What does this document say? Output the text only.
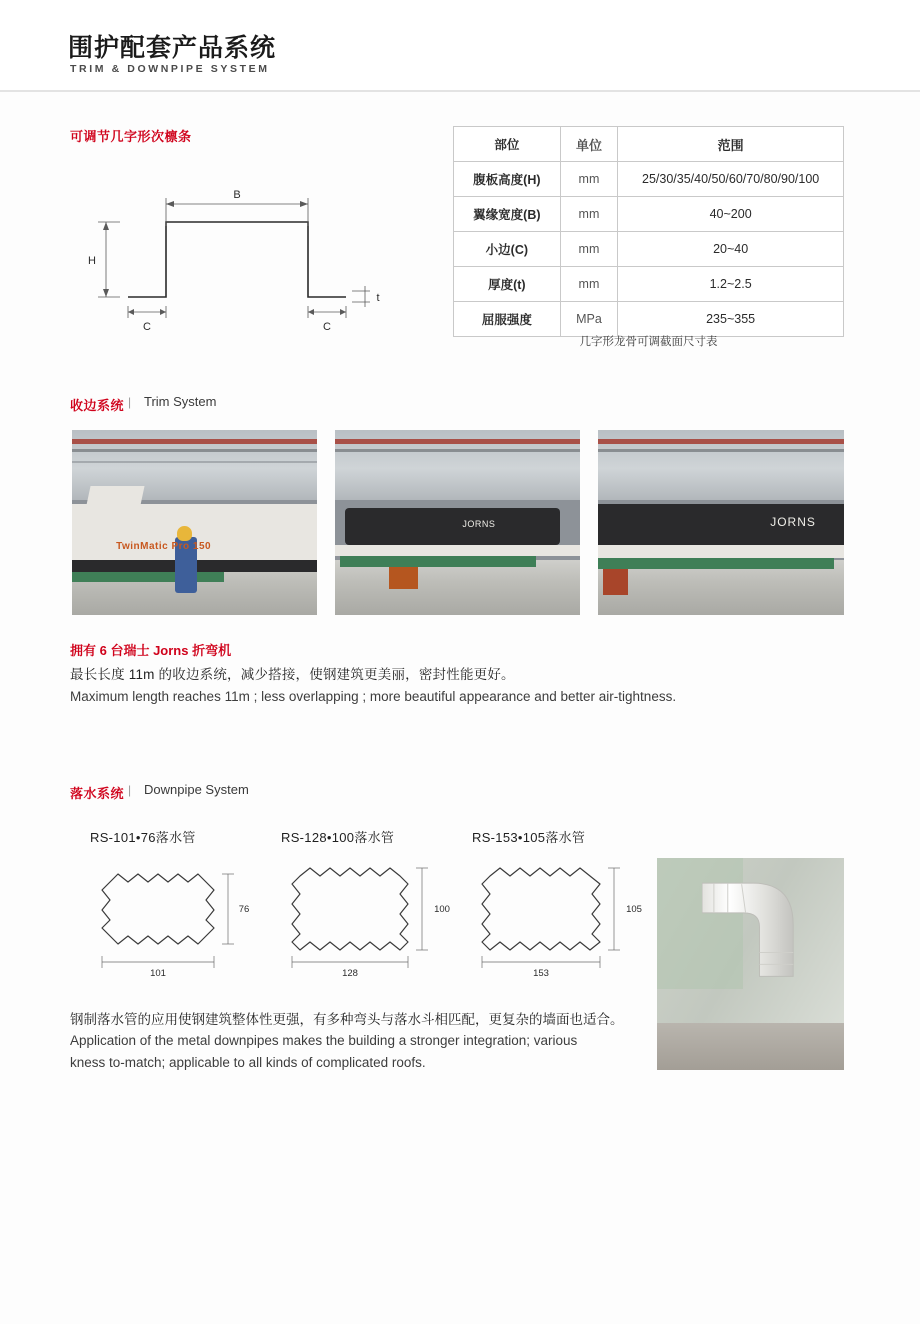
围护配套产品系统
TRIM & DOWNPIPE SYSTEM
可调节几字形次檩条
B
H
C	C
t
部位	单位	范围
腹板高度(H)	mm	25/30/35/40/50/60/70/80/90/100
翼缘宽度(B)	mm	40~200
小边(C)	mm	20~40
厚度(t)	mm	1.2~2.5
屈服强度	MPa	235~355
几字形龙骨可调截面尺寸表
收边系统 | Trim System
TwinMatic Pro 150
JORNS	JORNS
拥有 6 台瑞士 Jorns 折弯机
最长长度 11m 的收边系统，减少搭接，使钢建筑更美丽，密封性能更好。
Maximum length reaches 11m ; less overlapping ; more beautiful appearance and better air-tightness.
落水系统 | Downpipe System
RS-101•76落水管
101
76
RS-128•100落水管
128
100
RS-153•105落水管
153
105
钢制落水管的应用使钢建筑整体性更强，有多种弯头与落水斗相匹配，更复杂的墙面也适合。
Application of the metal downpipes makes the building a stronger integration; various
kness to-match; applicable to all kinds of complicated roofs.
